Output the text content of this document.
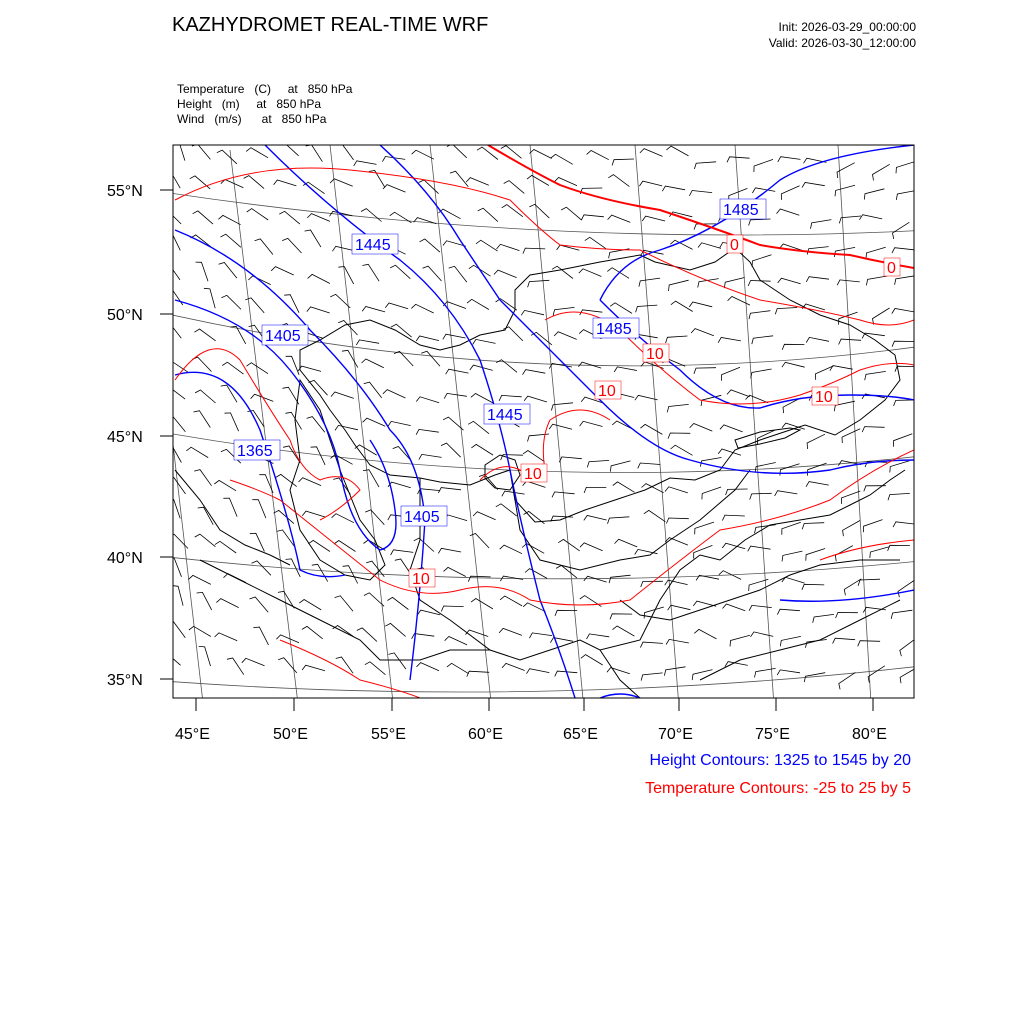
KAZHYDROMET REAL-TIME WRF	Init: 2026-03-29_00:00:00
Valid: 2026-03-30_12:00:00
Temperature   (C)     at   850 hPa
Height   (m)     at   850 hPa
Wind   (m/s)      at   850 hPa
1445
1405
1365
1445
1405
1485
1485
0
0
10
10	10
10
10
55°N
50°N
45°N
40°N
35°N
45°E	50°E	55°E	60°E	65°E	70°E	75°E	80°E
Height Contours: 1325 to 1545 by 20
Temperature Contours: -25 to 25 by 5
